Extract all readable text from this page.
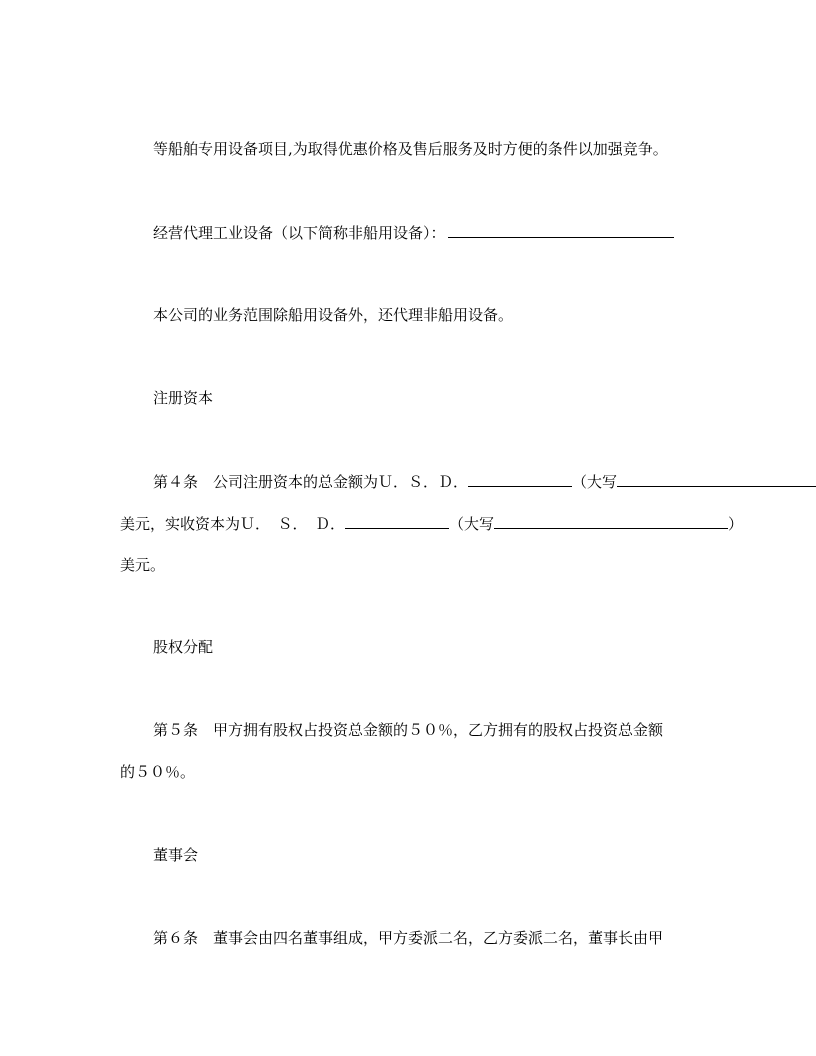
等船舶专用设备项目,为取得优惠价格及售后服务及时方便的条件以加强竞争。
经营代理工业设备（以下简称非船用设备）：
本公司的业务范围除船用设备外，还代理非船用设备。
注册资本
第４条　公司注册资本的总金额为Ｕ．Ｓ．Ｄ．	（大写
美元，实收资本为Ｕ．　Ｓ．　Ｄ．	（大写	）
美元。
股权分配
第５条　甲方拥有股权占投资总金额的５０％，乙方拥有的股权占投资总金额
的５０％。
董事会
第６条　董事会由四名董事组成，甲方委派二名，乙方委派二名，董事长由甲
